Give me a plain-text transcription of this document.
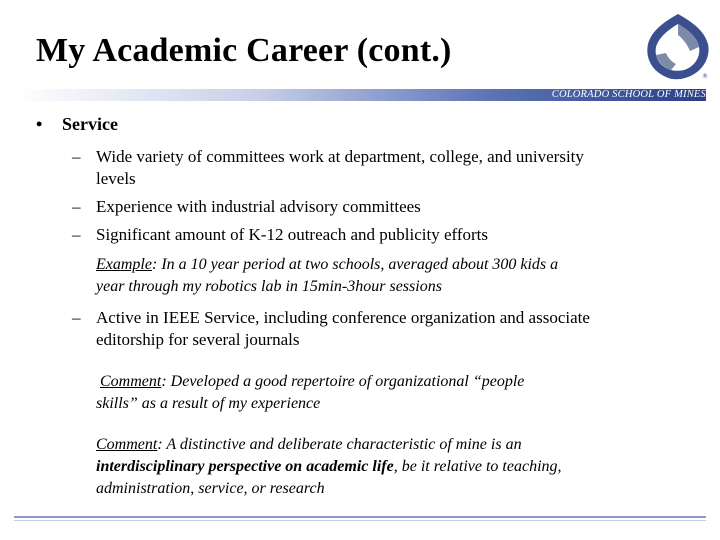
My Academic Career (cont.)
®
COLORADO SCHOOL OF MINES
• Service
– Wide variety of committees work at department, college, and university
levels
– Experience with industrial advisory committees
– Significant amount of K-12 outreach and publicity efforts
Example: In a 10 year period at two schools, averaged about 300 kids a
year through my robotics lab in 15min-3hour sessions
– Active in IEEE Service, including conference organization and associate
editorship for several journals
Comment: Developed a good repertoire of organizational “people
skills” as a result of my experience
Comment: A distinctive and deliberate characteristic of mine is an
interdisciplinary perspective on academic life, be it relative to teaching,
administration, service, or research
